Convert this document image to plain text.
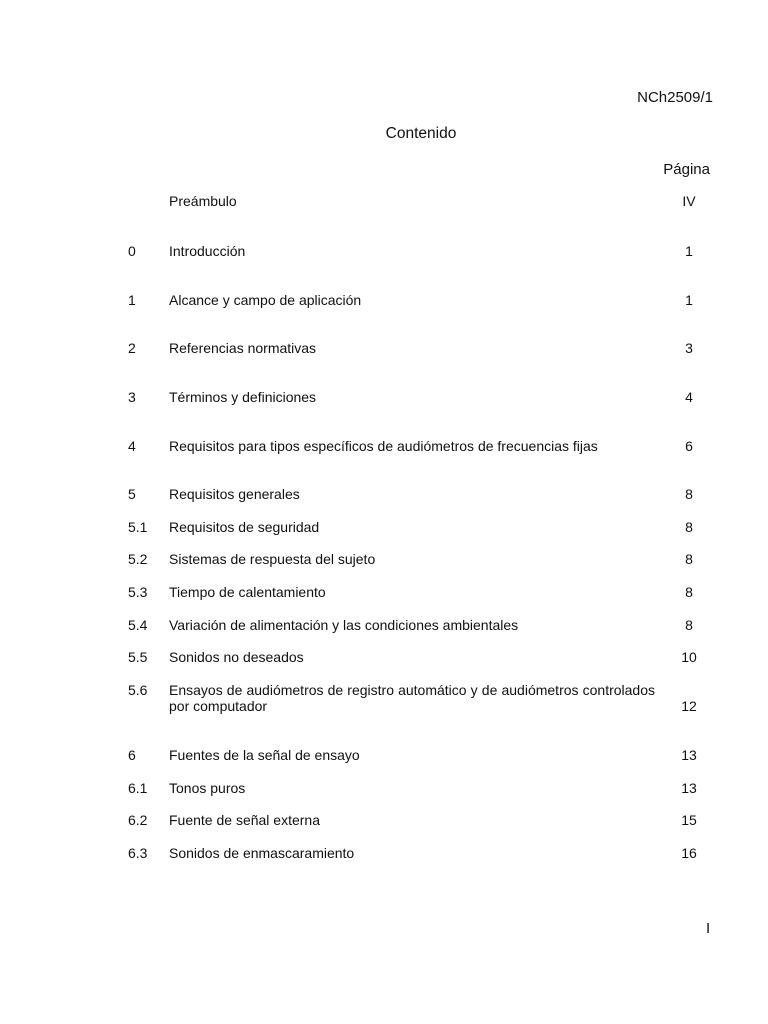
NCh2509/1
Contenido
Página
Preámbulo	IV
0 Introducción	1
1 Alcance y campo de aplicación	1
2 Referencias normativas	3
3 Términos y definiciones	4
4 Requisitos para tipos específicos de audiómetros de frecuencias fijas	6
5 Requisitos generales	8
5.1 Requisitos de seguridad	8
5.2 Sistemas de respuesta del sujeto	8
5.3 Tiempo de calentamiento	8
5.4 Variación de alimentación y las condiciones ambientales	8
5.5 Sonidos no deseados	10
5.6 Ensayos de audiómetros de registro automático y de audiómetros controlados por computador	12
6 Fuentes de la señal de ensayo	13
6.1 Tonos puros	13
6.2 Fuente de señal externa	15
6.3 Sonidos de enmascaramiento	16
I
